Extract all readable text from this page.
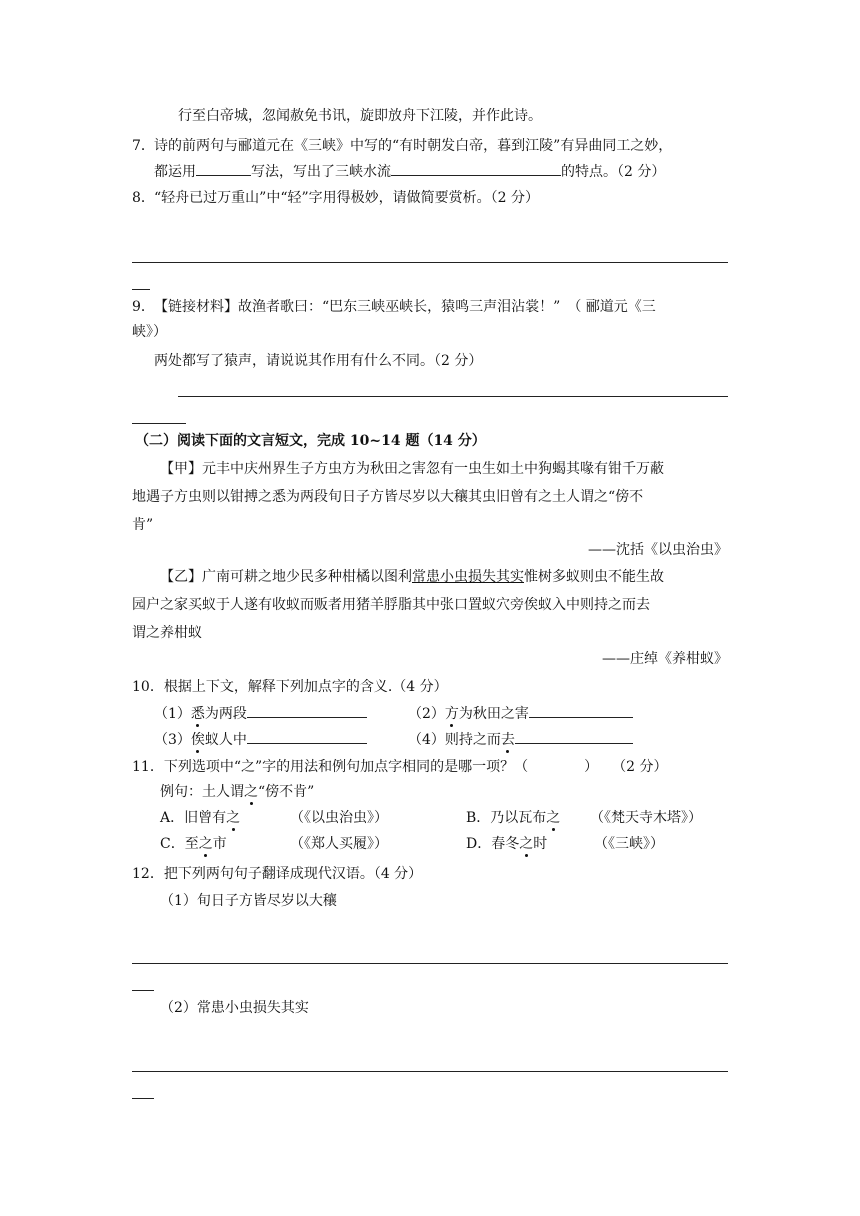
行至白帝城，忽闻赦免书讯，旋即放舟下江陵，并作此诗。
7．诗的前两句与郦道元在《三峡》中写的“有时朝发白帝，暮到江陵”有异曲同工之妙，
都运用	写法，写出了三峡水流	的特点。（2 分）
8．“轻舟已过万重山”中“轻”字用得极妙，请做简要赏析。（2 分）
9．【链接材料】故渔者歌曰：“巴东三峡巫峡长，猿鸣三声泪沾裳！”　（ 郦道元《三
峡》）
两处都写了猿声，请说说其作用有什么不同。（2 分）
（二）阅读下面的文言短文，完成 10~14 题（14 分）
【甲】元丰中庆州界生子方虫方为秋田之害忽有一虫生如土中狗蝎其喙有钳千万蔽
地遇子方虫则以钳搏之悉为两段旬日子方皆尽岁以大穰其虫旧曾有之土人谓之“傍不
肯”
——沈括《以虫治虫》
【乙】广南可耕之地少民多种柑橘以图利常患小虫损失其实惟树多蚁则虫不能生故
园户之家买蚁于人遂有收蚁而贩者用猪羊脬脂其中张口置蚁穴旁俟蚁入中则持之而去
谓之养柑蚁
——庄绰《养柑蚁》
10．根据上下文，解释下列加点字的含义.（4 分）
（1）悉为两段	（2）方为秋田之害
（3）俟蚁人中	（4）则持之而去
11．下列选项中“之”字的用法和例句加点字相同的是哪一项？（　　　　）　　（2 分）
例句：土人谓之“傍不肯”
A．旧曾有之	（《以虫治虫》）	B．乃以瓦布之 （《梵天寺木塔》）
C．至之市	（《郑人买履》）	D．春冬之时	（《三峡》）
12．把下列两句句子翻译成现代汉语。（4 分）
（1）旬日子方皆尽岁以大穰
（2）常患小虫损失其实
